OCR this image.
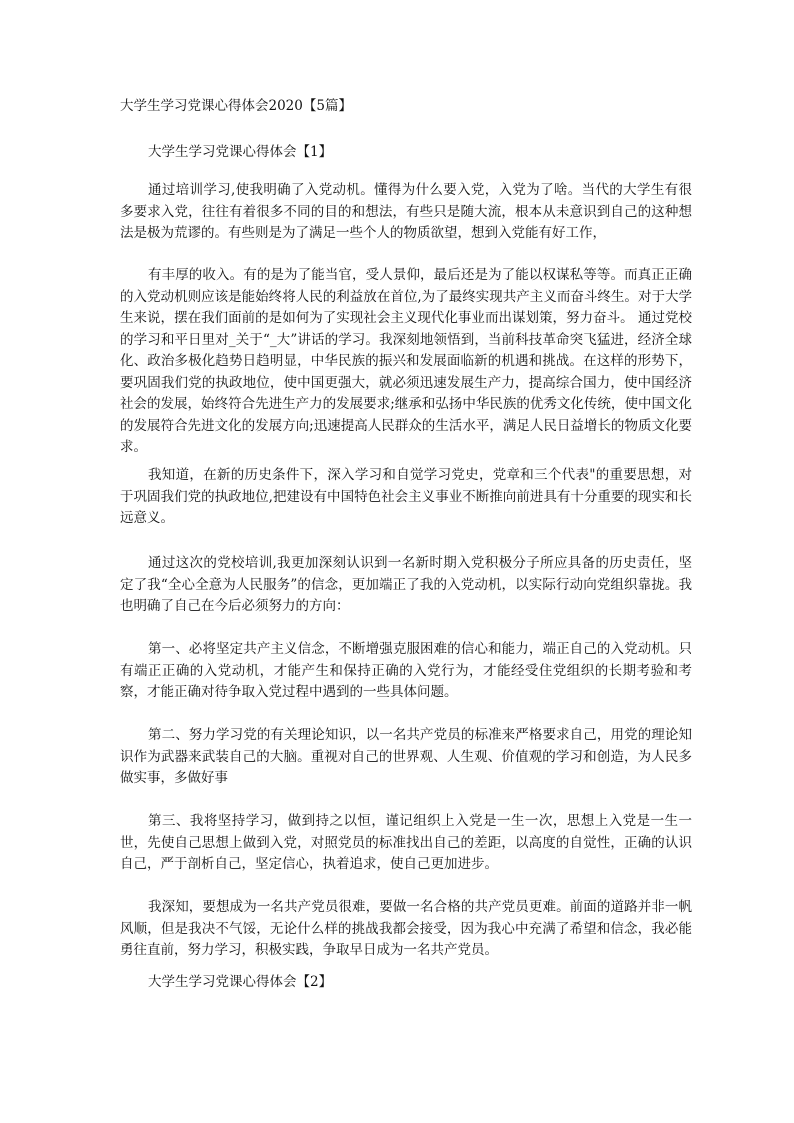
大学生学习党课心得体会2020【5篇】
大学生学习党课心得体会【1】

通过培训学习,使我明确了入党动机。懂得为什么要入党，入党为了啥。当代的大学生有很多要求入党，往往有着很多不同的目的和想法，有些只是随大流，根本从未意识到自己的这种想法是极为荒谬的。有些则是为了满足一些个人的物质欲望，想到入党能有好工作，

有丰厚的收入。有的是为了能当官，受人景仰，最后还是为了能以权谋私等等。而真正正确的入党动机则应该是能始终将人民的利益放在首位,为了最终实现共产主义而奋斗终生。对于大学生来说，摆在我们面前的是如何为了实现社会主义现代化事业而出谋划策，努力奋斗。 通过党校的学习和平日里对_关于“_大”讲话的学习。我深刻地领悟到，当前科技革命突飞猛进，经济全球化、政治多极化趋势日趋明显，中华民族的振兴和发展面临新的机遇和挑战。在这样的形势下，要巩固我们党的执政地位，使中国更强大，就必须迅速发展生产力，提高综合国力，使中国经济社会的发展，始终符合先进生产力的发展要求;继承和弘扬中华民族的优秀文化传统，使中国文化的发展符合先进文化的发展方向;迅速提高人民群众的生活水平，满足人民日益增长的物质文化要求。

我知道，在新的历史条件下，深入学习和自觉学习党史，党章和三个代表"的重要思想，对于巩固我们党的执政地位,把建设有中国特色社会主义事业不断推向前进具有十分重要的现实和长远意义。

通过这次的党校培训,我更加深刻认识到一名新时期入党积极分子所应具备的历史责任，坚定了我“全心全意为人民服务”的信念，更加端正了我的入党动机，以实际行动向党组织靠拢。我也明确了自己在今后必须努力的方向：

第一、必将坚定共产主义信念，不断增强克服困难的信心和能力，端正自己的入党动机。只有端正正确的入党动机，才能产生和保持正确的入党行为，才能经受住党组织的长期考验和考察，才能正确对待争取入党过程中遇到的一些具体问题。

第二、努力学习党的有关理论知识，以一名共产党员的标准来严格要求自己，用党的理论知识作为武器来武装自己的大脑。重视对自己的世界观、人生观、价值观的学习和创造，为人民多做实事，多做好事

第三、我将坚持学习，做到持之以恒，谨记组织上入党是一生一次，思想上入党是一生一世，先使自己思想上做到入党，对照党员的标准找出自己的差距，以高度的自觉性，正确的认识自己，严于剖析自己，坚定信心，执着追求，使自己更加进步。

我深知，要想成为一名共产党员很难，要做一名合格的共产党员更难。前面的道路并非一帆风顺，但是我决不气馁，无论什么样的挑战我都会接受，因为我心中充满了希望和信念，我必能勇往直前，努力学习，积极实践，争取早日成为一名共产党员。

大学生学习党课心得体会【2】
